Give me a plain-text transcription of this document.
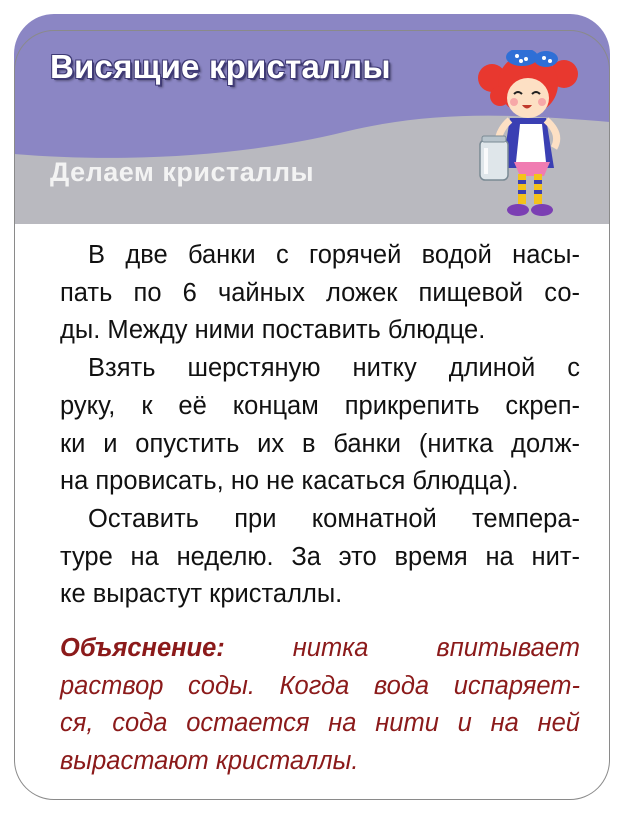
Висящие кристаллы
Делаем кристаллы
В две банки с горячей водой насы-
пать по 6 чайных ложек пищевой со-
ды. Между ними поставить блюдце.
Взять шерстяную нитку длиной с
руку, к её концам прикрепить скреп-
ки и опустить их в банки (нитка долж-
на провисать, но не касаться блюдца).
Оставить при комнатной темпера-
туре на неделю. За это время на нит-
ке вырастут кристаллы.
Объяснение:	нитка впитывает
раствор соды. Когда вода испаряет-
ся, сода остается на нити и на ней
вырастают кристаллы.
